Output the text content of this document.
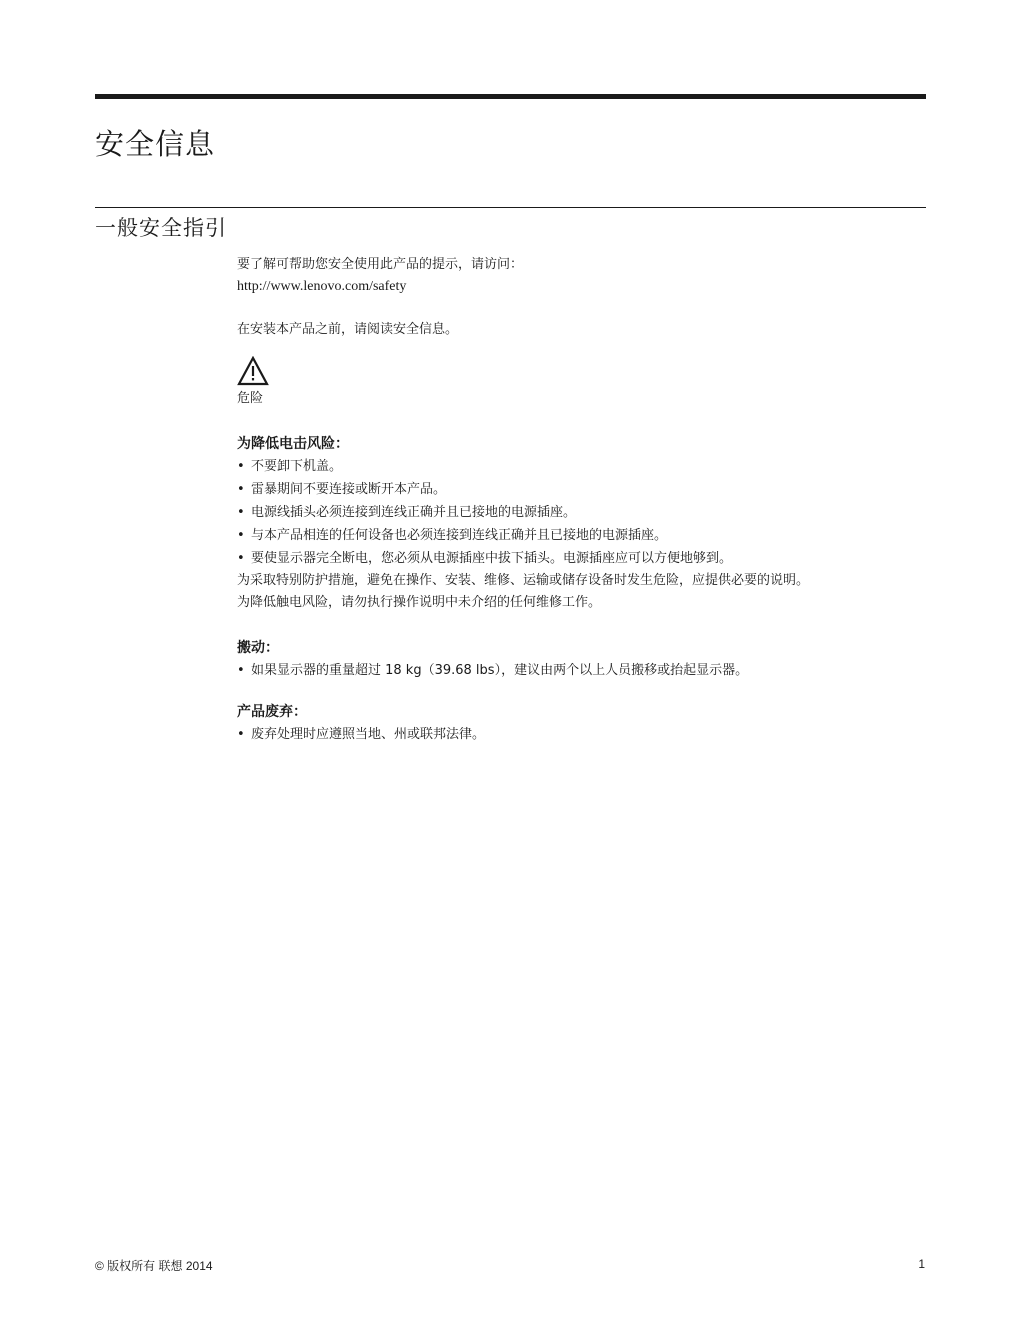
安全信息
一般安全指引

要了解可帮助您安全使用此产品的提示，请访问：

http://www.lenovo.com/safety

在安装本产品之前，请阅读安全信息。

危险

为降低电击风险：

• 不要卸下机盖。
• 雷暴期间不要连接或断开本产品。
• 电源线插头必须连接到连线正确并且已接地的电源插座。
• 与本产品相连的任何设备也必须连接到连线正确并且已接地的电源插座。
• 要使显示器完全断电，您必须从电源插座中拔下插头。电源插座应可以方便地够到。

为采取特别防护措施，避免在操作、安装、维修、运输或储存设备时发生危险，应提供必要的说明。

为降低触电风险，请勿执行操作说明中未介绍的任何维修工作。

搬动：

• 如果显示器的重量超过 18 kg（39.68 lbs），建议由两个以上人员搬移或抬起显示器。

产品废弃：

• 废弃处理时应遵照当地、州或联邦法律。
© 版权所有 联想 2014	1
